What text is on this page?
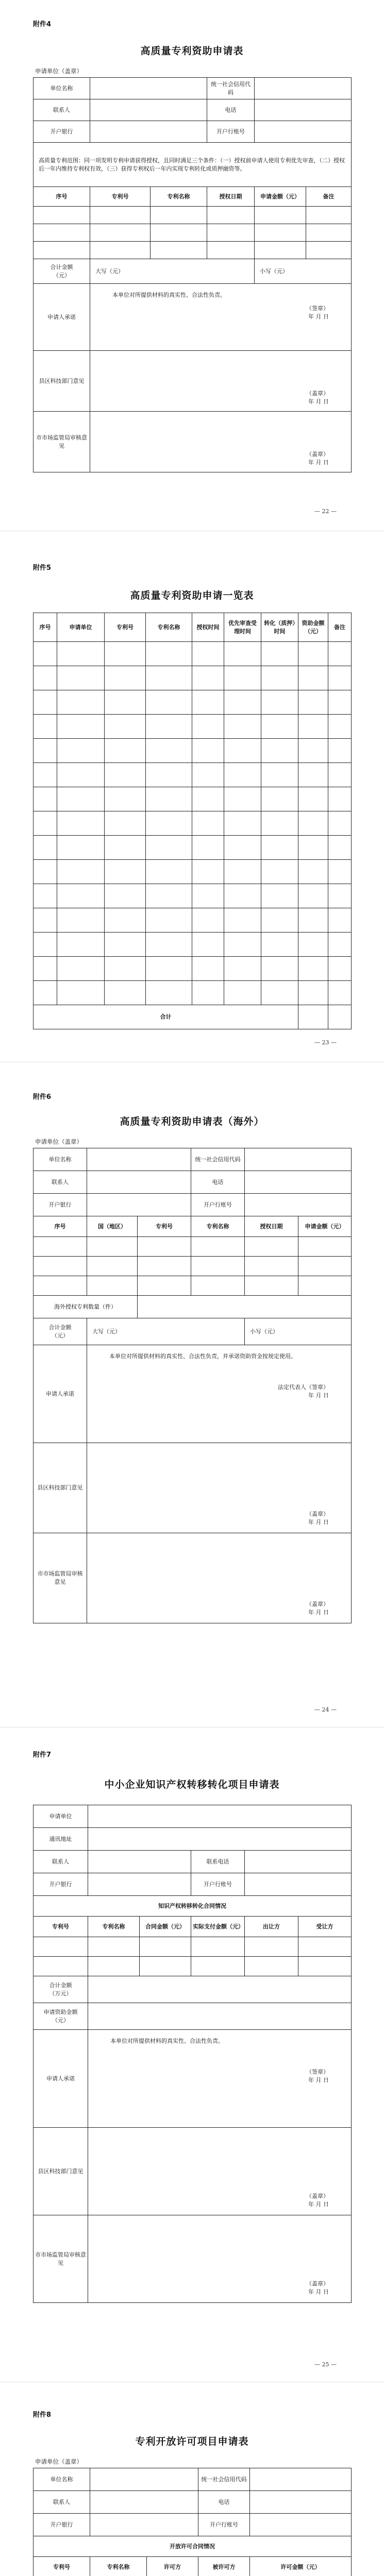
附件4
高质量专利资助申请表
申请单位（盖章）
单位名称			统一社会信用代码		
联系人			电话		
开户银行			开户行账号		
高质量专利范围：同一项发明专利申请获得授权，且同时满足三个条件：（一）授权前申请人使用专利优先审查，（二）授权后一年内维持专利权有效，（三）获得专利权后一年内实现专利转化或质押融资等。					
序号	专利号	专利名称	授权日期	申请金额（元）	备注

合计金额
（元）	大写（元）			小写（元）	
申请人承诺	本单位对所提供材料的真实性、合法性负责。
（签章）
年 月 日				

县区科技部门意见	（盖章）
年 月 日				

市市场监管局审核意见	（盖章）
年 月 日				
— 22 —
附件5
高质量专利资助申请一览表
序号	申请单位	专利号	专利名称	授权时间	优先审查受理时间	转化（质押）时间	资助金额（元）	备注

合计								
— 23 —
附件6
高质量专利资助申请表（海外）
申请单位（盖章）
单位名称			统一社会信用代码		
联系人			电话		
开户银行			开户行账号		
序号	国（地区）	专利号	专利名称	授权日期	申请金额（元）

海外授权专利数量（件）					
合计金额
（元）	大写（元）			小写（元）	
申请人承诺	本单位对所提供材料的真实性、合法性负责，并承诺资助资金按规定使用。
法定代表人（签章）
年 月 日				

县区科技部门意见	（盖章）
年 月 日				

市市场监管局审核意见	（盖章）
年 月 日				
— 24 —
附件7
中小企业知识产权转移转化项目申请表
申请单位					
通讯地址					
联系人			联系电话		
开户银行			开户行账号		
知识产权转移转化合同情况					
专利号	专利名称	合同金额（元）	实际支付金额（元）	出让方	受让方

合计金额
（万元）					
申请资助金额
（元）					
申请人承诺	本单位对所提供材料的真实性、合法性负责。
（签章）
年 月 日				

县区科技部门意见	（盖章）
年 月 日				

市市场监管局审核意见	（盖章）
年 月 日				
— 25 —
附件8
专利开放许可项目申请表
申请单位（盖章）
单位名称			统一社会信用代码	
联系人			电话	
开户银行			开户行账号	
开放许可合同情况				
专利号	专利名称	许可方	被许可方	许可金额（元）
